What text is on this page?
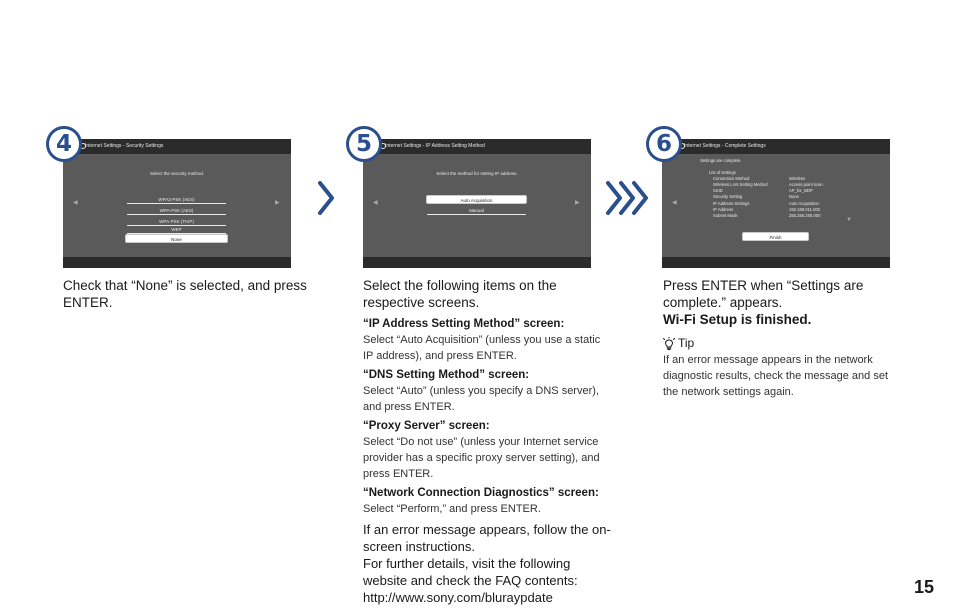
4	Internet Settings - Security Settings
Select the security method.
◀	▶
WPA2-PSK (AES)
WPA-PSK (AES)
WPA-PSK (TKIP)
WEP
None
Check that “None” is selected, and press ENTER.
5	Internet Settings - IP Address Setting Method
Select the method for setting IP address.
◀	▶
Auto Acquisition
Manual
Select the following items on the respective screens.
“IP Address Setting Method” screen:
Select “Auto Acquisition” (unless you use a static IP address), and press ENTER.
“DNS Setting Method” screen:
Select “Auto” (unless you specify a DNS server), and press ENTER.
“Proxy Server” screen:
Select “Do not use” (unless your Internet service provider has a specific proxy server setting), and press ENTER.
“Network Connection Diagnostics” screen:
Select “Perform,” and press ENTER.
If an error message appears, follow the on-screen instructions.
For further details, visit the following website and check the FAQ contents:
http://www.sony.com/bluraypdate
6	Internet Settings - Complete Settings
Settings are complete.
List of settings
◀
▼
Connection Method	Wireless
Wireless LAN Setting Method	Access point scan
SSID	AP_for_BDP
Security Setting	None
IP Address Settings	Auto Acquisition
IP Address	192.168.011.002
Subnet Mask	255.255.255.000
Finish
Press ENTER when “Settings are complete.” appears.
Wi-Fi Setup is finished.
Tip
If an error message appears in the network diagnostic results, check the message and set the network settings again.
15
